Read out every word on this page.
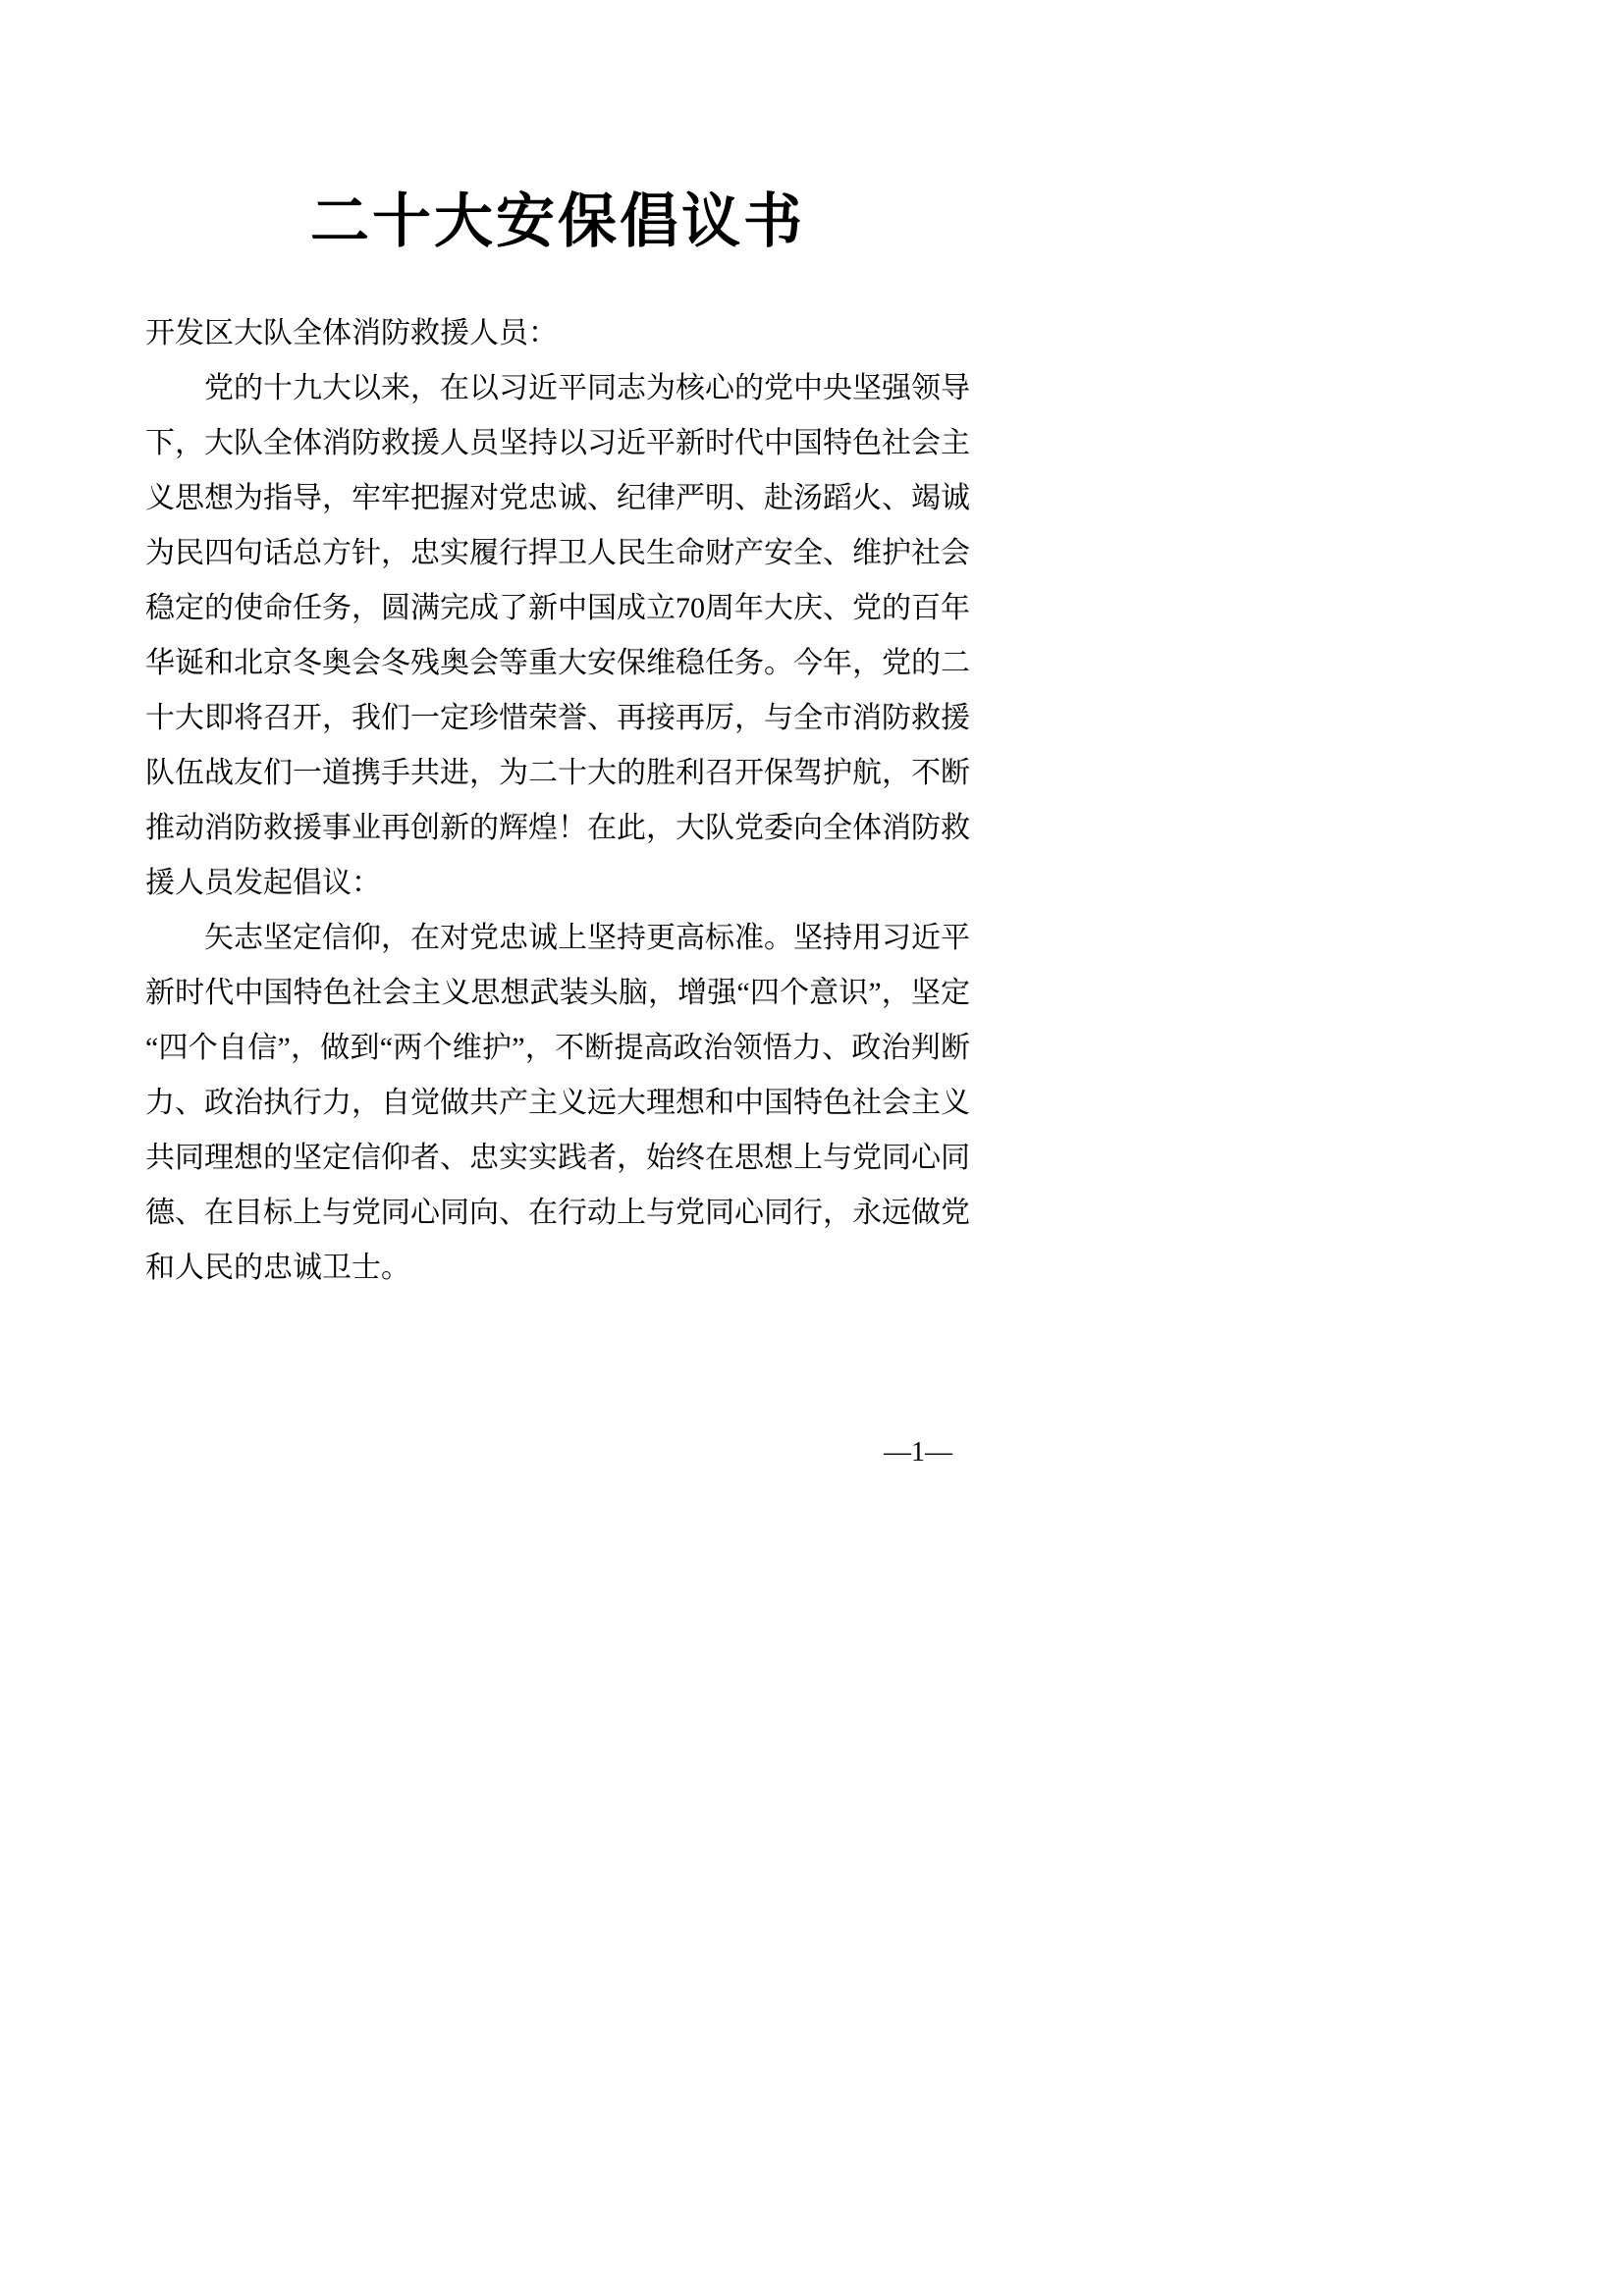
二十大安保倡议书

开发区大队全体消防救援人员：

党的十九大以来，在以习近平同志为核心的党中央坚强领导下，大队全体消防救援人员坚持以习近平新时代中国特色社会主义思想为指导，牢牢把握对党忠诚、纪律严明、赴汤蹈火、竭诚为民四句话总方针，忠实履行捍卫人民生命财产安全、维护社会稳定的使命任务，圆满完成了新中国成立70周年大庆、党的百年华诞和北京冬奥会冬残奥会等重大安保维稳任务。今年，党的二十大即将召开，我们一定珍惜荣誉、再接再厉，与全市消防救援队伍战友们一道携手共进，为二十大的胜利召开保驾护航，不断推动消防救援事业再创新的辉煌！在此，大队党委向全体消防救援人员发起倡议：

矢志坚定信仰，在对党忠诚上坚持更高标准。坚持用习近平新时代中国特色社会主义思想武装头脑，增强“四个意识”，坚定“四个自信”，做到“两个维护”，不断提高政治领悟力、政治判断力、政治执行力，自觉做共产主义远大理想和中国特色社会主义共同理想的坚定信仰者、忠实实践者，始终在思想上与党同心同德、在目标上与党同心同向、在行动上与党同心同行，永远做党和人民的忠诚卫士。

—1—
